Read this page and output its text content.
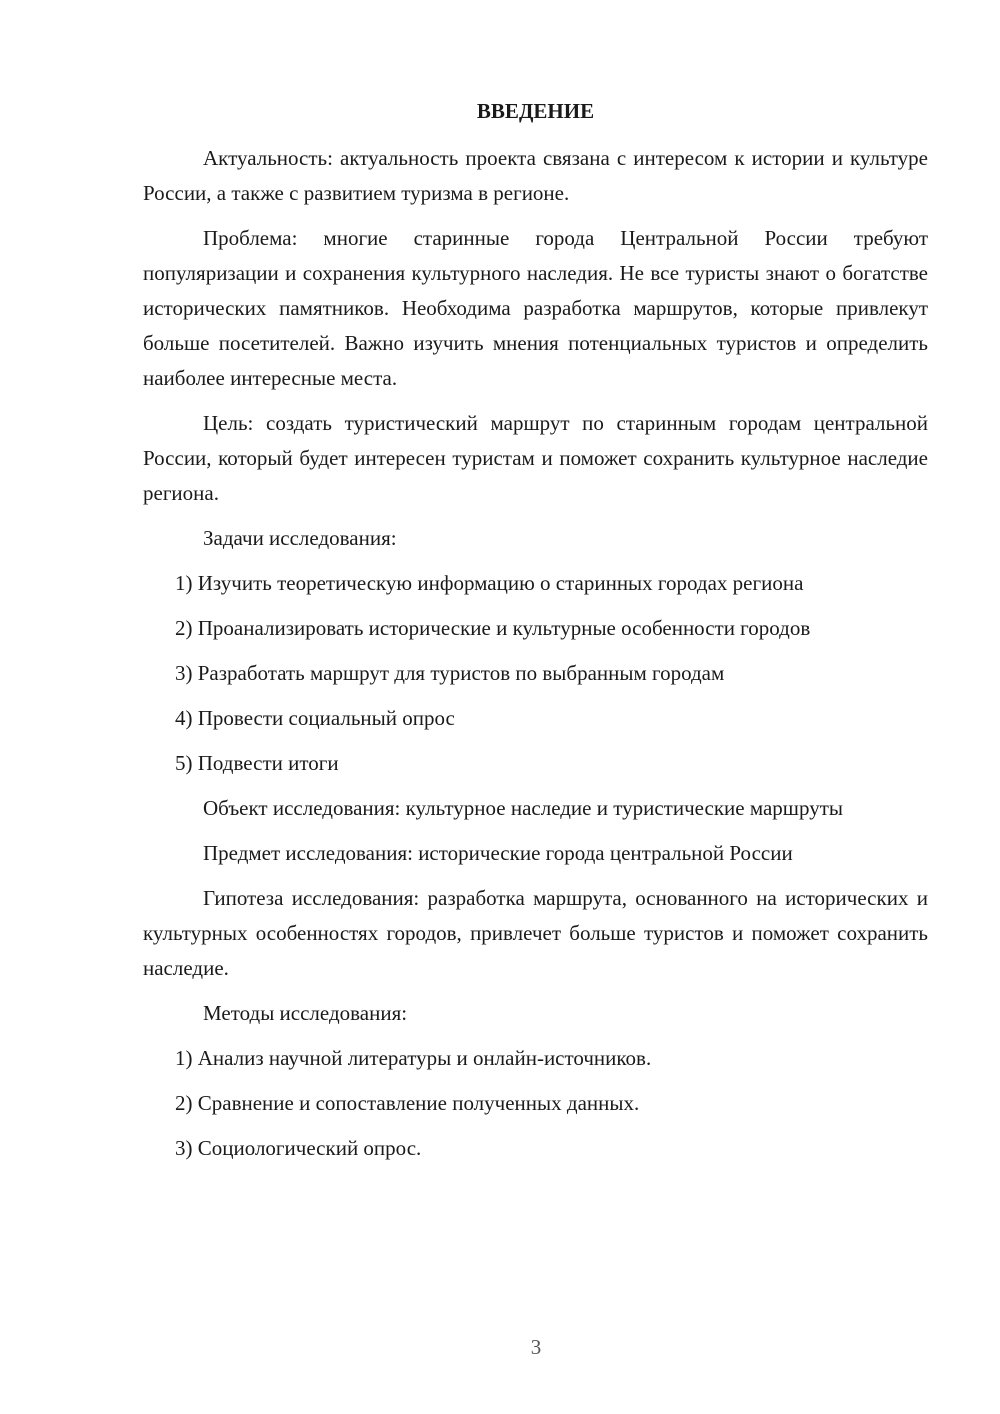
ВВЕДЕНИЕ

Актуальность: актуальность проекта связана с интересом к истории и культуре России, а также с развитием туризма в регионе.

Проблема: многие старинные города Центральной России требуют популяризации и сохранения культурного наследия. Не все туристы знают о богатстве исторических памятников. Необходима разработка маршрутов, которые привлекут больше посетителей. Важно изучить мнения потенциальных туристов и определить наиболее интересные места.

Цель: создать туристический маршрут по старинным городам центральной России, который будет интересен туристам и поможет сохранить культурное наследие региона.

Задачи исследования:

1) Изучить теоретическую информацию о старинных городах региона

2) Проанализировать исторические и культурные особенности городов

3) Разработать маршрут для туристов по выбранным городам

4) Провести социальный опрос

5) Подвести итоги

Объект исследования: культурное наследие и туристические маршруты

Предмет исследования: исторические города центральной России

Гипотеза исследования: разработка маршрута, основанного на исторических и культурных особенностях городов, привлечет больше туристов и поможет сохранить наследие.

Методы исследования:

1) Анализ научной литературы и онлайн-источников.

2) Сравнение и сопоставление полученных данных.

3) Социологический опрос.

3
